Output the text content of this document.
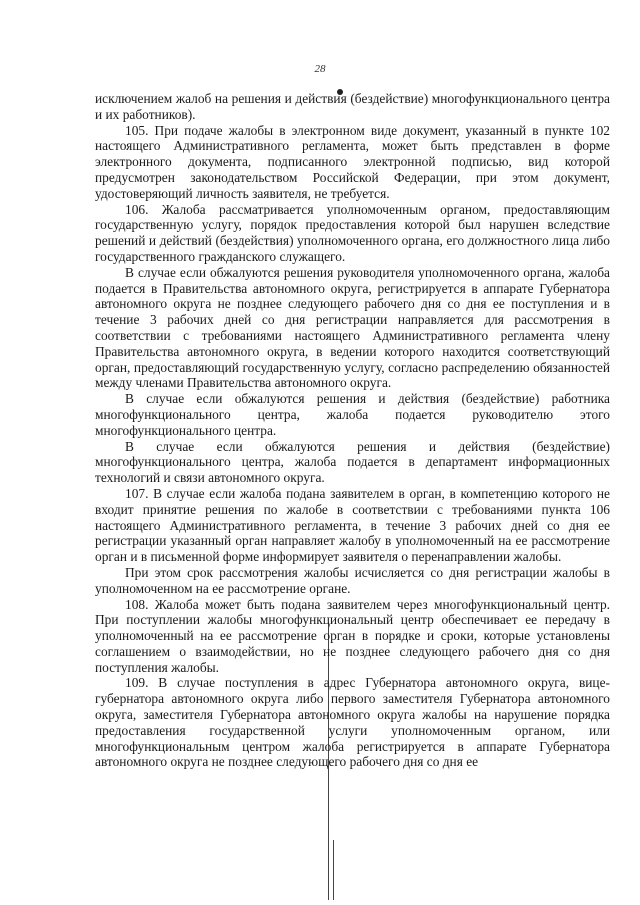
28

исключением жалоб на решения и действия (бездействие) многофункционального центра и их работников).

105. При подаче жалобы в электронном виде документ, указанный в пункте 102 настоящего Административного регламента, может быть представлен в форме электронного документа, подписанного электронной подписью, вид которой предусмотрен законодательством Российской Федерации, при этом документ, удостоверяющий личность заявителя, не требуется.

106. Жалоба рассматривается уполномоченным органом, предоставляющим государственную услугу, порядок предоставления которой был нарушен вследствие решений и действий (бездействия) уполномоченного органа, его должностного лица либо государственного гражданского служащего.

В случае если обжалуются решения руководителя уполномоченного органа, жалоба подается в Правительства автономного округа, регистрируется в аппарате Губернатора автономного округа не позднее следующего рабочего дня со дня ее поступления и в течение 3 рабочих дней со дня регистрации направляется для рассмотрения в соответствии с требованиями настоящего Административного регламента члену Правительства автономного округа, в ведении которого находится соответствующий орган, предоставляющий государственную услугу, согласно распределению обязанностей между членами Правительства автономного округа.

В случае если обжалуются решения и действия (бездействие) работника многофункционального центра, жалоба подается руководителю этого многофункционального центра.

В случае если обжалуются решения и действия (бездействие) многофункционального центра, жалоба подается в департамент информационных технологий и связи автономного округа.

107. В случае если жалоба подана заявителем в орган, в компетенцию которого не входит принятие решения по жалобе в соответствии с требованиями пункта 106 настоящего Административного регламента, в течение 3 рабочих дней со дня ее регистрации указанный орган направляет жалобу в уполномоченный на ее рассмотрение орган и в письменной форме информирует заявителя о перенаправлении жалобы.

При этом срок рассмотрения жалобы исчисляется со дня регистрации жалобы в уполномоченном на ее рассмотрение органе.

108. Жалоба может быть подана заявителем через многофункциональный центр. При поступлении жалобы многофункциональный центр обеспечивает ее передачу в уполномоченный на ее рассмотрение орган в порядке и сроки, которые установлены соглашением о взаимодействии, но не позднее следующего рабочего дня со дня поступления жалобы.

109. В случае поступления в адрес Губернатора автономного округа, вице-губернатора автономного округа либо первого заместителя Губернатора автономного округа, заместителя Губернатора автономного округа жалобы на нарушение порядка предоставления государственной услуги уполномоченным органом, или многофункциональным центром жалоба регистрируется в аппарате Губернатора автономного округа не позднее следующего рабочего дня со дня ее
